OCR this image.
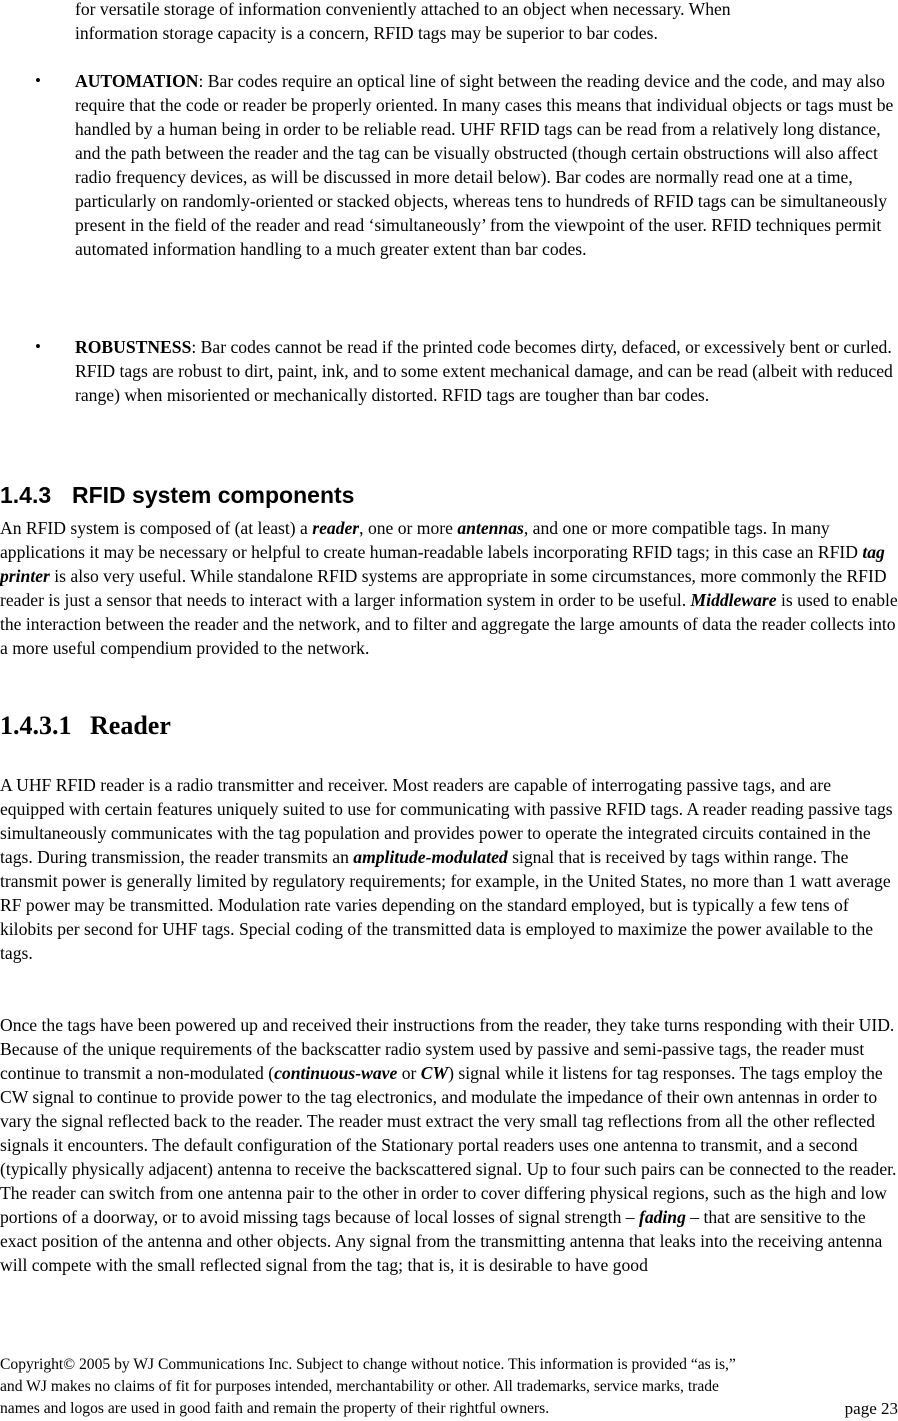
for versatile storage of information conveniently attached to an object when necessary. When

information storage capacity is a concern, RFID tags may be superior to bar codes.

• AUTOMATION: Bar codes require an optical line of sight between the reading device and the code, and may also require that the code or reader be properly oriented. In many cases this means that individual objects or tags must be handled by a human being in order to be reliable read. UHF RFID tags can be read from a relatively long distance, and the path between the reader and the tag can be visually obstructed (though certain obstructions will also affect radio frequency devices, as will be discussed in more detail below). Bar codes are normally read one at a time, particularly on randomly-oriented or stacked objects, whereas tens to hundreds of RFID tags can be simultaneously present in the field of the reader and read ‘simultaneously’ from the viewpoint of the user. RFID techniques permit automated information handling to a much greater extent than bar codes.

• ROBUSTNESS: Bar codes cannot be read if the printed code becomes dirty, defaced, or excessively bent or curled. RFID tags are robust to dirt, paint, ink, and to some extent mechanical damage, and can be read (albeit with reduced range) when misoriented or mechanically distorted. RFID tags are tougher than bar codes.

1.4.3 RFID system components

An RFID system is composed of (at least) a reader, one or more antennas, and one or more compatible tags. In many applications it may be necessary or helpful to create human-readable labels incorporating RFID tags; in this case an RFID tag printer is also very useful. While standalone RFID systems are appropriate in some circumstances, more commonly the RFID reader is just a sensor that needs to interact with a larger information system in order to be useful. Middleware is used to enable the interaction between the reader and the network, and to filter and aggregate the large amounts of data the reader collects into a more useful compendium provided to the network.

1.4.3.1 Reader

A UHF RFID reader is a radio transmitter and receiver. Most readers are capable of interrogating passive tags, and are equipped with certain features uniquely suited to use for communicating with passive RFID tags. A reader reading passive tags simultaneously communicates with the tag population and provides power to operate the integrated circuits contained in the tags. During transmission, the reader transmits an amplitude-modulated signal that is received by tags within range. The transmit power is generally limited by regulatory requirements; for example, in the United States, no more than 1 watt average RF power may be transmitted. Modulation rate varies depending on the standard employed, but is typically a few tens of kilobits per second for UHF tags. Special coding of the transmitted data is employed to maximize the power available to the tags.

Once the tags have been powered up and received their instructions from the reader, they take turns responding with their UID. Because of the unique requirements of the backscatter radio system used by passive and semi-passive tags, the reader must continue to transmit a non-modulated (continuous-wave or CW) signal while it listens for tag responses. The tags employ the CW signal to continue to provide power to the tag electronics, and modulate the impedance of their own antennas in order to vary the signal reflected back to the reader. The reader must extract the very small tag reflections from all the other reflected signals it encounters. The default configuration of the Stationary portal readers uses one antenna to transmit, and a second (typically physically adjacent) antenna to receive the backscattered signal. Up to four such pairs can be connected to the reader. The reader can switch from one antenna pair to the other in order to cover differing physical regions, such as the high and low portions of a doorway, or to avoid missing tags because of local losses of signal strength – fading – that are sensitive to the exact position of the antenna and other objects. Any signal from the transmitting antenna that leaks into the receiving antenna will compete with the small reflected signal from the tag; that is, it is desirable to have good

Copyright© 2005 by WJ Communications Inc. Subject to change without notice. This information is provided “as is,”

and WJ makes no claims of fit for purposes intended, merchantability or other. All trademarks, service marks, trade

names and logos are used in good faith and remain the property of their rightful owners.	page 23
